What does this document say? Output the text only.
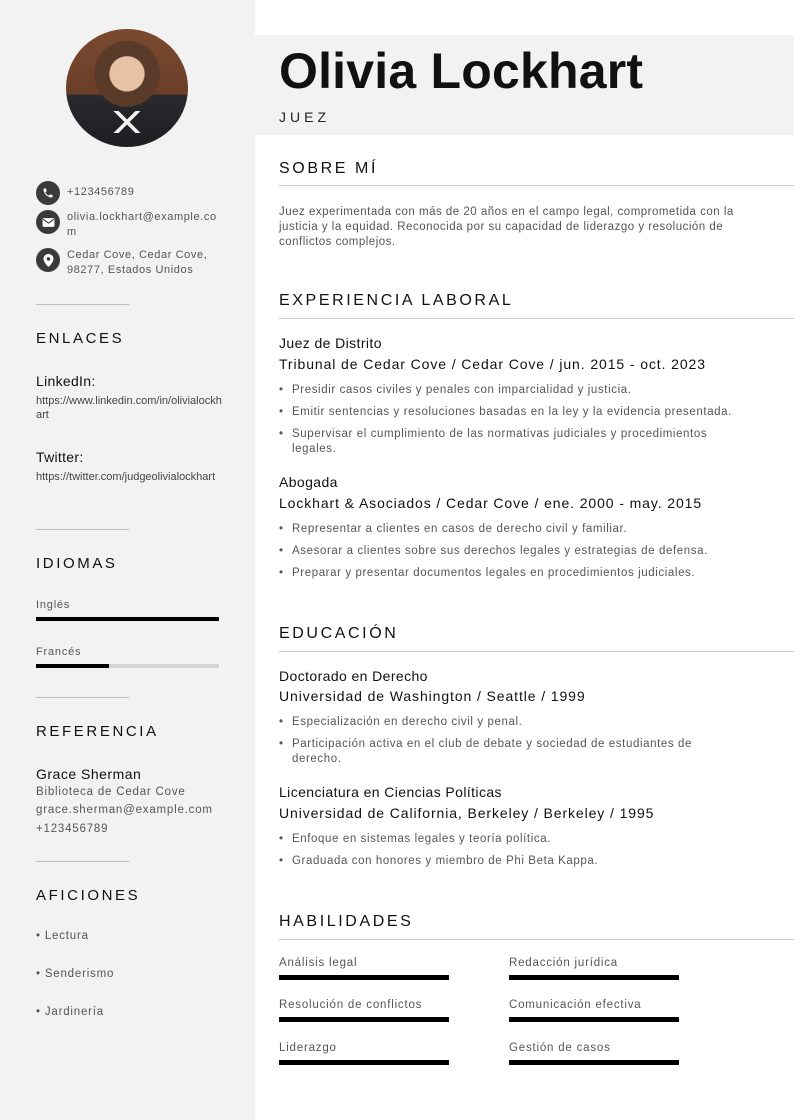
+123456789
olivia.lockhart@example.com
Cedar Cove, Cedar Cove, 98277, Estados Unidos
ENLACES
LinkedIn:
https://www.linkedin.com/in/olivialockhart
Twitter:
https://twitter.com/judgeolivialockhart
IDIOMAS
Inglés
Francés
REFERENCIA
Grace Sherman
Biblioteca de Cedar Cove
grace.sherman@example.com
+123456789
AFICIONES
• Lectura
• Senderismo
• Jardinería
Olivia Lockhart
JUEZ
SOBRE MÍ
Juez experimentada con más de 20 años en el campo legal, comprometida con la justicia y la equidad. Reconocida por su capacidad de liderazgo y resolución de conflictos complejos.
EXPERIENCIA LABORAL
Juez de Distrito
Tribunal de Cedar Cove / Cedar Cove / jun. 2015 - oct. 2023
• Presidir casos civiles y penales con imparcialidad y justicia.
• Emitir sentencias y resoluciones basadas en la ley y la evidencia presentada.
• Supervisar el cumplimiento de las normativas judiciales y procedimientos legales.
Abogada
Lockhart & Asociados / Cedar Cove / ene. 2000 - may. 2015
• Representar a clientes en casos de derecho civil y familiar.
• Asesorar a clientes sobre sus derechos legales y estrategias de defensa.
• Preparar y presentar documentos legales en procedimientos judiciales.
EDUCACIÓN
Doctorado en Derecho
Universidad de Washington / Seattle / 1999
• Especialización en derecho civil y penal.
• Participación activa en el club de debate y sociedad de estudiantes de derecho.
Licenciatura en Ciencias Políticas
Universidad de California, Berkeley / Berkeley / 1995
• Enfoque en sistemas legales y teoría política.
• Graduada con honores y miembro de Phi Beta Kappa.
HABILIDADES
Análisis legal	Redacción jurídica
Resolución de conflictos	Comunicación efectiva
Liderazgo	Gestión de casos
